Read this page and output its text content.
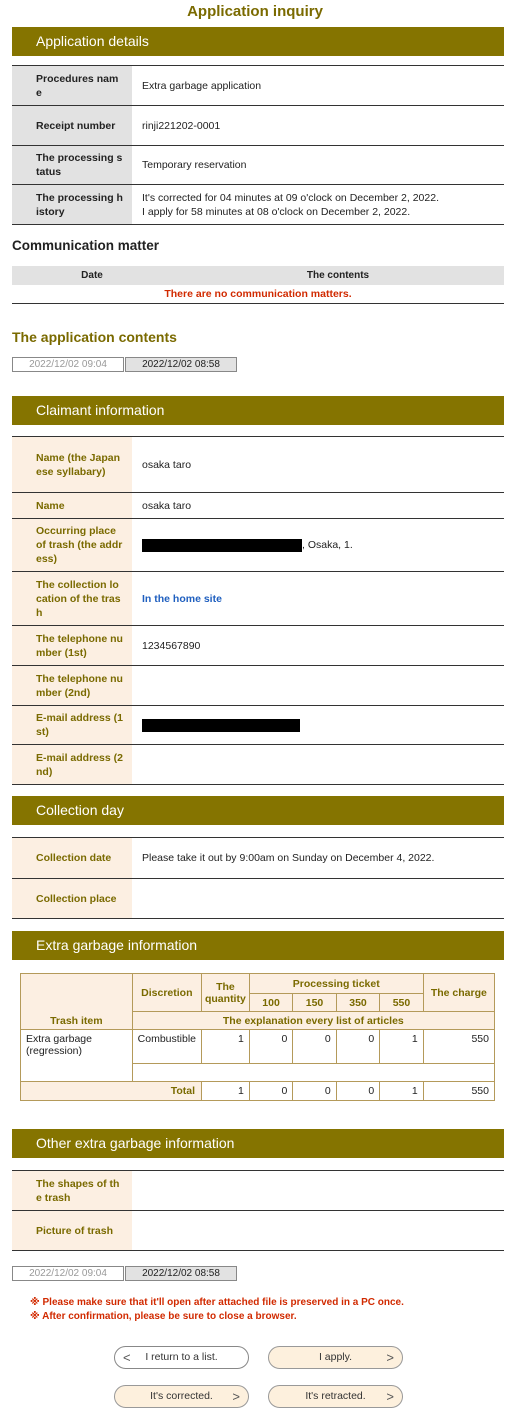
Application inquiry
Application details
Procedures name	Extra garbage application
Receipt number	rinji221202-0001
The processing status	Temporary reservation
The processing history	It's corrected for 04 minutes at 09 o'clock on December 2, 2022.
I apply for 58 minutes at 08 o'clock on December 2, 2022.
Communication matter
Date	The contents
There are no communication matters.
The application contents
2022/12/02 09:04	2022/12/02 08:58
Claimant information
Name (the Japanese syllabary)	osaka taro
Name	osaka taro
Occurring place of trash (the address)	, Osaka, 1.
The collection location of the trash	In the home site
The telephone number (1st)	1234567890
The telephone number (2nd)	
E-mail address (1st)	
E-mail address (2nd)	
Collection day
Collection date	Please take it out by 9:00am on Sunday on December 4, 2022.
Collection place	
Extra garbage information
Trash item	Discretion	The quantity	Processing ticket				The charge
			100	150	350	550	
	The explanation every list of articles						
Extra garbage (regression)	Combustible	1	0	0	0	1	550

Total		1	0	0	0	1	550
Other extra garbage information
The shapes of the trash	
Picture of trash	
2022/12/02 09:04	2022/12/02 08:58
※ Please make sure that it'll open after attached file is preserved in a PC once.
※ After confirmation, please be sure to close a browser.
< I return to a list.	I apply.	>
It's corrected. >	It's retracted. >
